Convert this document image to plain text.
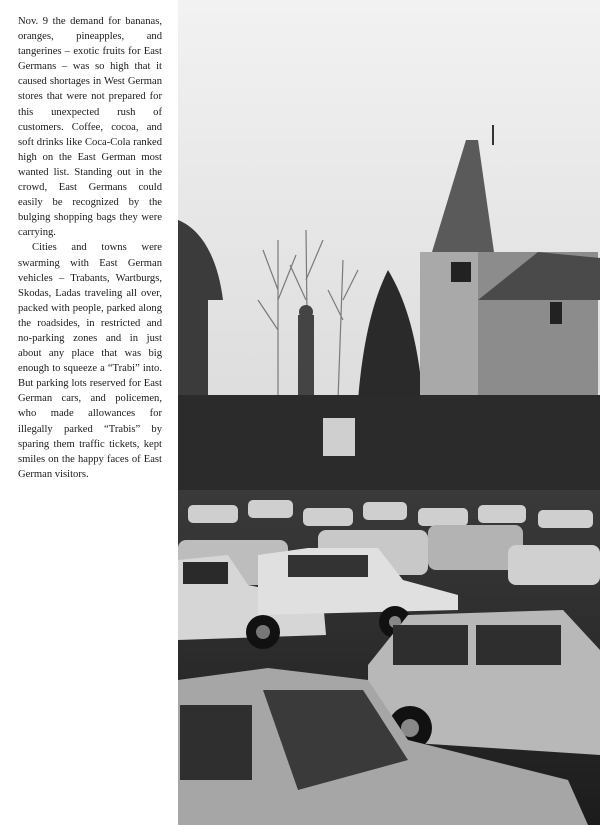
Nov. 9 the demand for bananas, oranges, pineapples, and tangerines – exotic fruits for East Germans – was so high that it caused shortages in West German stores that were not prepared for this unexpected rush of customers. Coffee, cocoa, and soft drinks like Coca-Cola ranked high on the East German most wanted list. Standing out in the crowd, East Germans could easily be recognized by the bulging shopping bags they were carrying.

Cities and towns were swarming with East German vehicles – Trabants, Wartburgs, Skodas, Ladas traveling all over, packed with people, parked along the roadsides, in restricted and no-parking zones and in just about any place that was big enough to squeeze a “Trabi” into. But parking lots reserved for East German cars, and policemen, who made allowances for illegally parked “Trabis” by sparing them traffic tickets, kept smiles on the happy faces of East German visitors.
